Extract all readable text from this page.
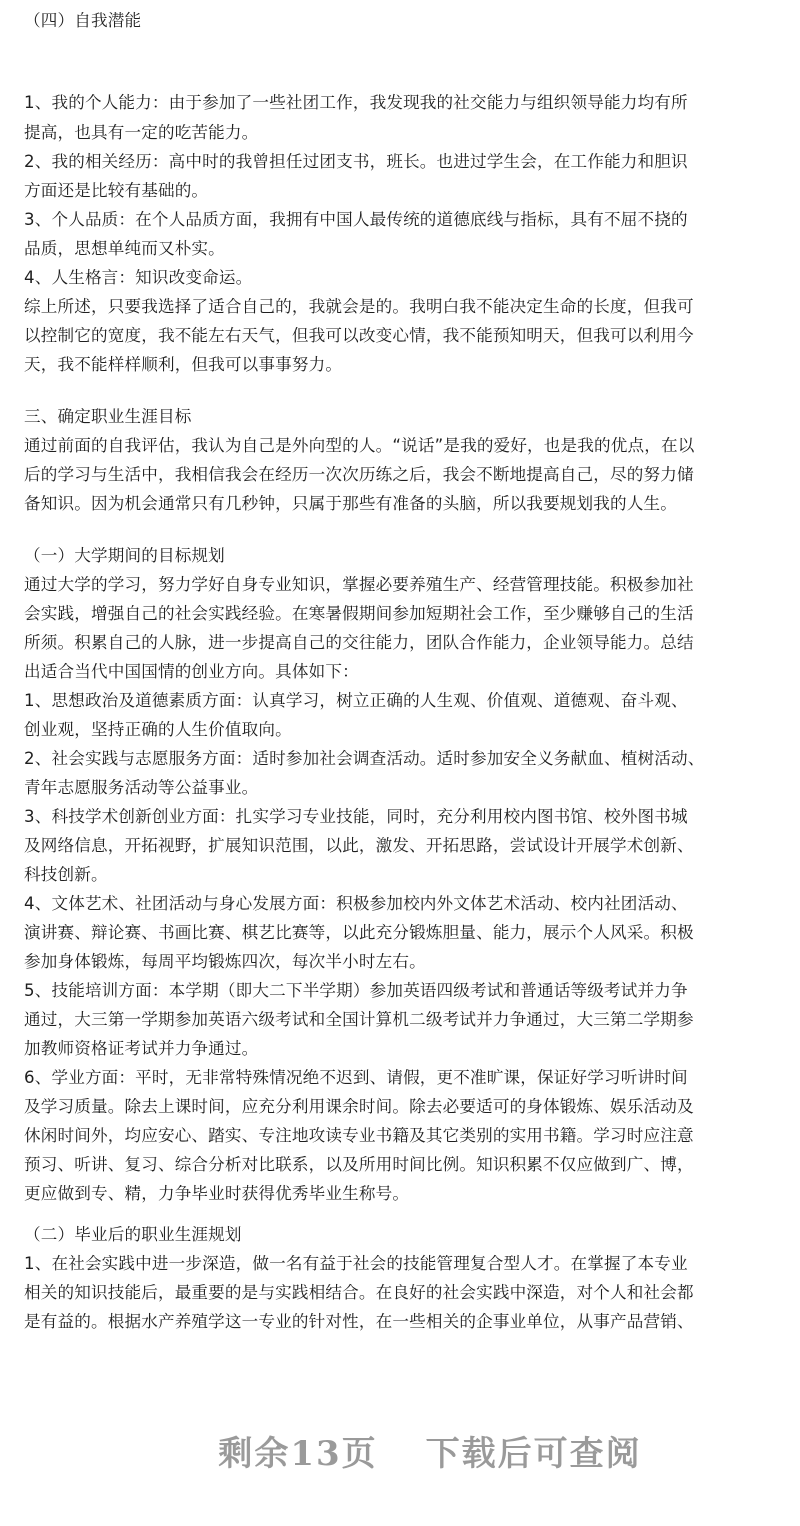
（四）自我潜能
1、我的个人能力：由于参加了一些社团工作，我发现我的社交能力与组织领导能力均有所
提高，也具有一定的吃苦能力。
2、我的相关经历：高中时的我曾担任过团支书，班长。也进过学生会，在工作能力和胆识
方面还是比较有基础的。
3、个人品质：在个人品质方面，我拥有中国人最传统的道德底线与指标，具有不屈不挠的
品质，思想单纯而又朴实。
4、人生格言：知识改变命运。
综上所述，只要我选择了适合自己的，我就会是的。我明白我不能决定生命的长度，但我可
以控制它的宽度，我不能左右天气，但我可以改变心情，我不能预知明天，但我可以利用今
天，我不能样样顺利，但我可以事事努力。
三、确定职业生涯目标
通过前面的自我评估，我认为自己是外向型的人。“说话”是我的爱好，也是我的优点，在以
后的学习与生活中，我相信我会在经历一次次历练之后，我会不断地提高自己，尽的努力储
备知识。因为机会通常只有几秒钟，只属于那些有准备的头脑，所以我要规划我的人生。
（一）大学期间的目标规划
通过大学的学习，努力学好自身专业知识，掌握必要养殖生产、经营管理技能。积极参加社
会实践，增强自己的社会实践经验。在寒暑假期间参加短期社会工作，至少赚够自己的生活
所须。积累自己的人脉，进一步提高自己的交往能力，团队合作能力，企业领导能力。总结
出适合当代中国国情的创业方向。具体如下：
1、思想政治及道德素质方面：认真学习，树立正确的人生观、价值观、道德观、奋斗观、
创业观，坚持正确的人生价值取向。
2、社会实践与志愿服务方面：适时参加社会调查活动。适时参加安全义务献血、植树活动、
青年志愿服务活动等公益事业。
3、科技学术创新创业方面：扎实学习专业技能，同时，充分利用校内图书馆、校外图书城
及网络信息，开拓视野，扩展知识范围，以此，激发、开拓思路，尝试设计开展学术创新、
科技创新。
4、文体艺术、社团活动与身心发展方面：积极参加校内外文体艺术活动、校内社团活动、
演讲赛、辩论赛、书画比赛、棋艺比赛等，以此充分锻炼胆量、能力，展示个人风采。积极
参加身体锻炼，每周平均锻炼四次，每次半小时左右。
5、技能培训方面：本学期（即大二下半学期）参加英语四级考试和普通话等级考试并力争
通过，大三第一学期参加英语六级考试和全国计算机二级考试并力争通过，大三第二学期参
加教师资格证考试并力争通过。
6、学业方面：平时，无非常特殊情况绝不迟到、请假，更不准旷课，保证好学习听讲时间
及学习质量。除去上课时间，应充分利用课余时间。除去必要适可的身体锻炼、娱乐活动及
休闲时间外，均应安心、踏实、专注地攻读专业书籍及其它类别的实用书籍。学习时应注意
预习、听讲、复习、综合分析对比联系，以及所用时间比例。知识积累不仅应做到广、博，
更应做到专、精，力争毕业时获得优秀毕业生称号。
（二）毕业后的职业生涯规划
1、在社会实践中进一步深造，做一名有益于社会的技能管理复合型人才。在掌握了本专业
相关的知识技能后，最重要的是与实践相结合。在良好的社会实践中深造，对个人和社会都
是有益的。根据水产养殖学这一专业的针对性，在一些相关的企事业单位，从事产品营销、
剩余13页 下载后可查阅
